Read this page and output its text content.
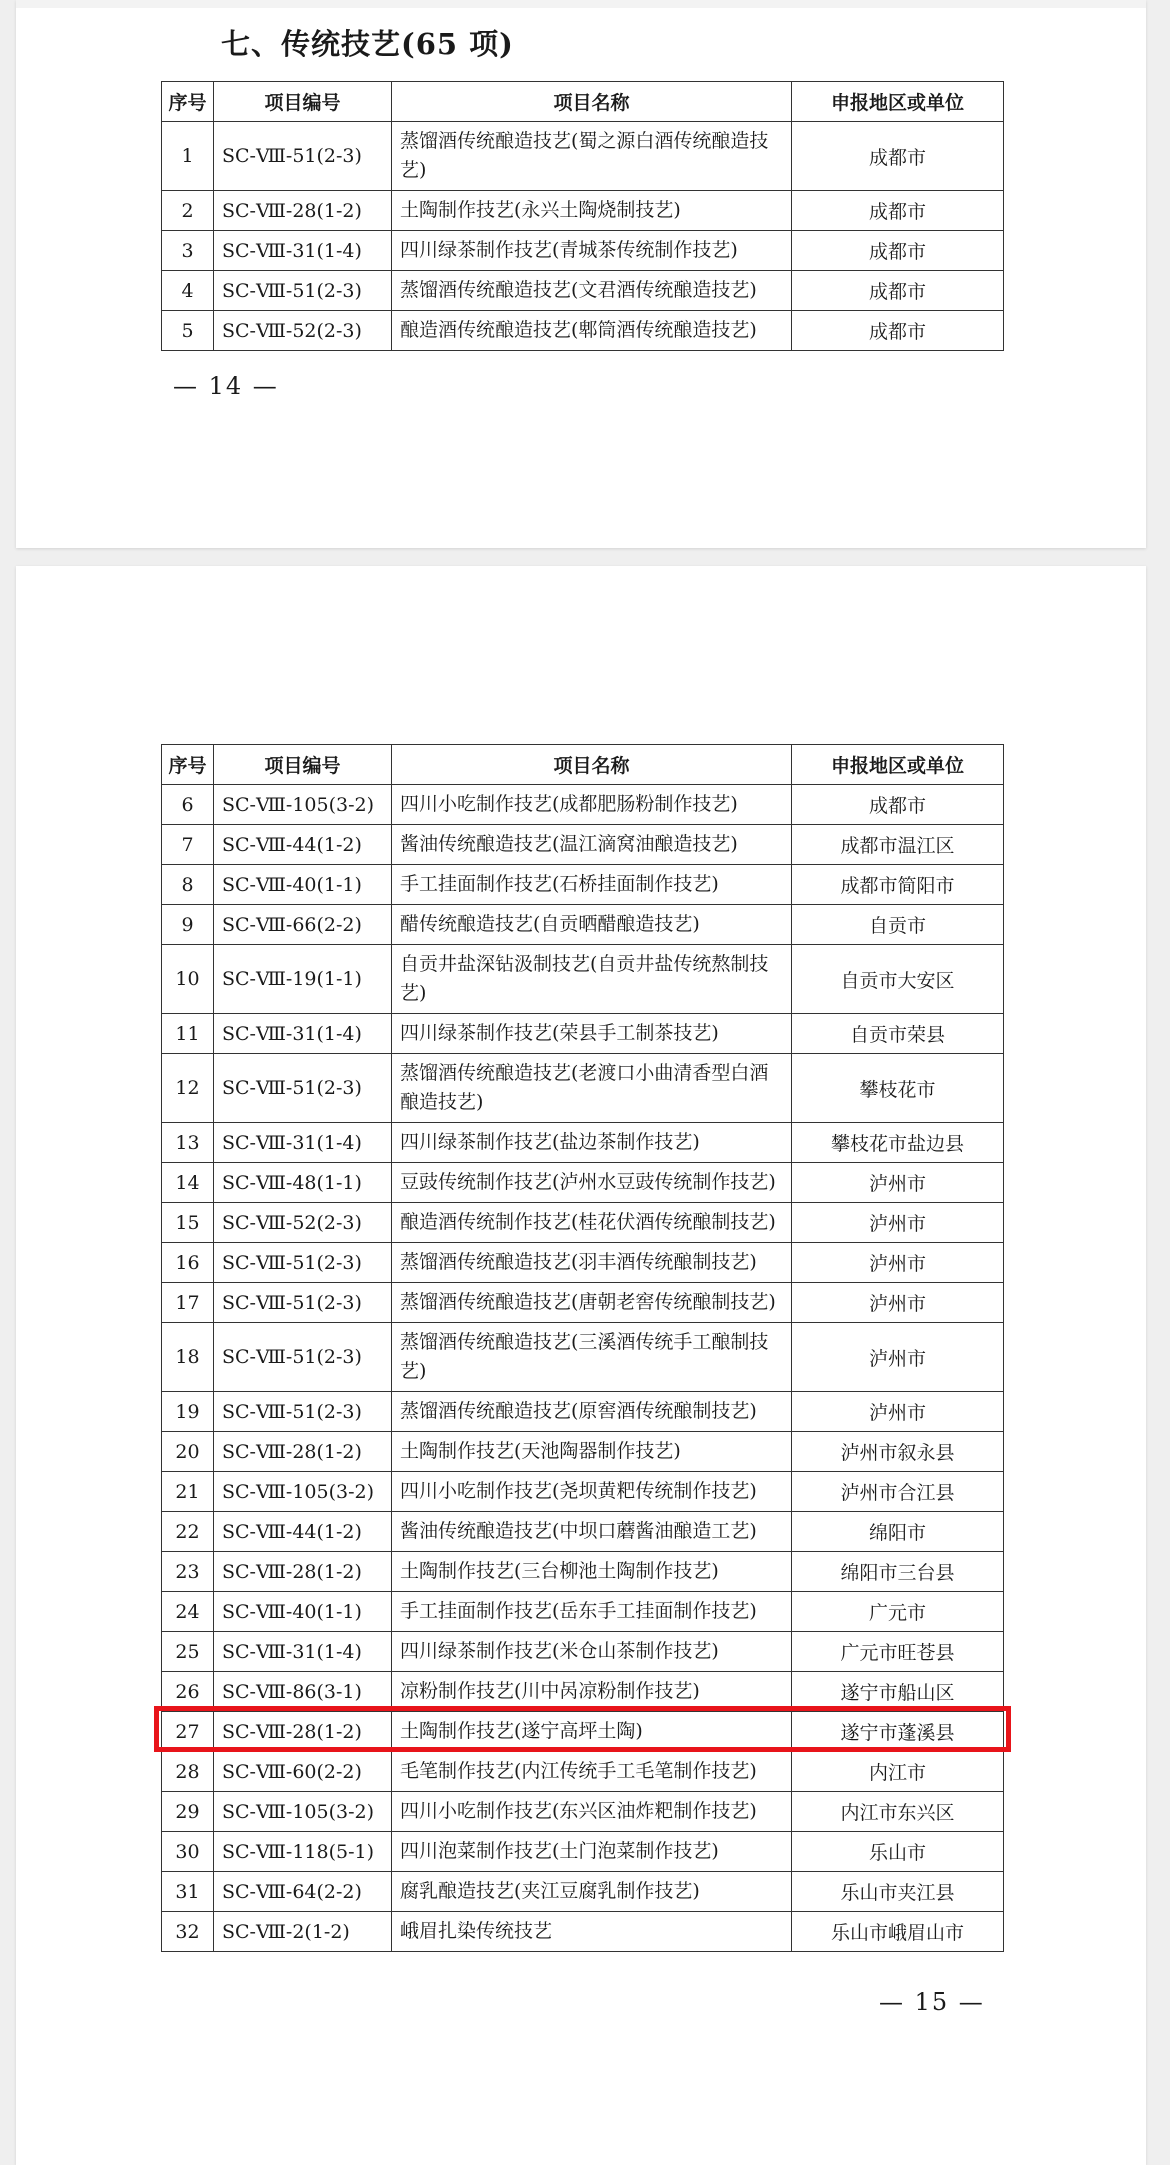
七、传统技艺(65 项)
序号	项目编号	项目名称	申报地区或单位
1	SC-Ⅷ-51(2-3)	蒸馏酒传统酿造技艺(蜀之源白酒传统酿造技艺)	成都市
2	SC-Ⅷ-28(1-2)	土陶制作技艺(永兴土陶烧制技艺)	成都市
3	SC-Ⅷ-31(1-4)	四川绿茶制作技艺(青城茶传统制作技艺)	成都市
4	SC-Ⅷ-51(2-3)	蒸馏酒传统酿造技艺(文君酒传统酿造技艺)	成都市
5	SC-Ⅷ-52(2-3)	酿造酒传统酿造技艺(郫筒酒传统酿造技艺)	成都市
— 14 —
序号	项目编号	项目名称	申报地区或单位
6	SC-Ⅷ-105(3-2)	四川小吃制作技艺(成都肥肠粉制作技艺)	成都市
7	SC-Ⅷ-44(1-2)	酱油传统酿造技艺(温江滴窝油酿造技艺)	成都市温江区
8	SC-Ⅷ-40(1-1)	手工挂面制作技艺(石桥挂面制作技艺)	成都市简阳市
9	SC-Ⅷ-66(2-2)	醋传统酿造技艺(自贡晒醋酿造技艺)	自贡市
10	SC-Ⅷ-19(1-1)	自贡井盐深钻汲制技艺(自贡井盐传统熬制技艺)	自贡市大安区
11	SC-Ⅷ-31(1-4)	四川绿茶制作技艺(荣县手工制茶技艺)	自贡市荣县
12	SC-Ⅷ-51(2-3)	蒸馏酒传统酿造技艺(老渡口小曲清香型白酒酿造技艺)	攀枝花市
13	SC-Ⅷ-31(1-4)	四川绿茶制作技艺(盐边茶制作技艺)	攀枝花市盐边县
14	SC-Ⅷ-48(1-1)	豆豉传统制作技艺(泸州水豆豉传统制作技艺)	泸州市
15	SC-Ⅷ-52(2-3)	酿造酒传统制作技艺(桂花伏酒传统酿制技艺)	泸州市
16	SC-Ⅷ-51(2-3)	蒸馏酒传统酿造技艺(羽丰酒传统酿制技艺)	泸州市
17	SC-Ⅷ-51(2-3)	蒸馏酒传统酿造技艺(唐朝老窖传统酿制技艺)	泸州市
18	SC-Ⅷ-51(2-3)	蒸馏酒传统酿造技艺(三溪酒传统手工酿制技艺)	泸州市
19	SC-Ⅷ-51(2-3)	蒸馏酒传统酿造技艺(原窖酒传统酿制技艺)	泸州市
20	SC-Ⅷ-28(1-2)	土陶制作技艺(天池陶器制作技艺)	泸州市叙永县
21	SC-Ⅷ-105(3-2)	四川小吃制作技艺(尧坝黄粑传统制作技艺)	泸州市合江县
22	SC-Ⅷ-44(1-2)	酱油传统酿造技艺(中坝口蘑酱油酿造工艺)	绵阳市
23	SC-Ⅷ-28(1-2)	土陶制作技艺(三台柳池土陶制作技艺)	绵阳市三台县
24	SC-Ⅷ-40(1-1)	手工挂面制作技艺(岳东手工挂面制作技艺)	广元市
25	SC-Ⅷ-31(1-4)	四川绿茶制作技艺(米仓山茶制作技艺)	广元市旺苍县
26	SC-Ⅷ-86(3-1)	凉粉制作技艺(川中呙凉粉制作技艺)	遂宁市船山区
27	SC-Ⅷ-28(1-2)	土陶制作技艺(遂宁高坪土陶)	遂宁市蓬溪县
28	SC-Ⅷ-60(2-2)	毛笔制作技艺(内江传统手工毛笔制作技艺)	内江市
29	SC-Ⅷ-105(3-2)	四川小吃制作技艺(东兴区油炸粑制作技艺)	内江市东兴区
30	SC-Ⅷ-118(5-1)	四川泡菜制作技艺(土门泡菜制作技艺)	乐山市
31	SC-Ⅷ-64(2-2)	腐乳酿造技艺(夹江豆腐乳制作技艺)	乐山市夹江县
32	SC-Ⅷ-2(1-2)	峨眉扎染传统技艺	乐山市峨眉山市
— 15 —
